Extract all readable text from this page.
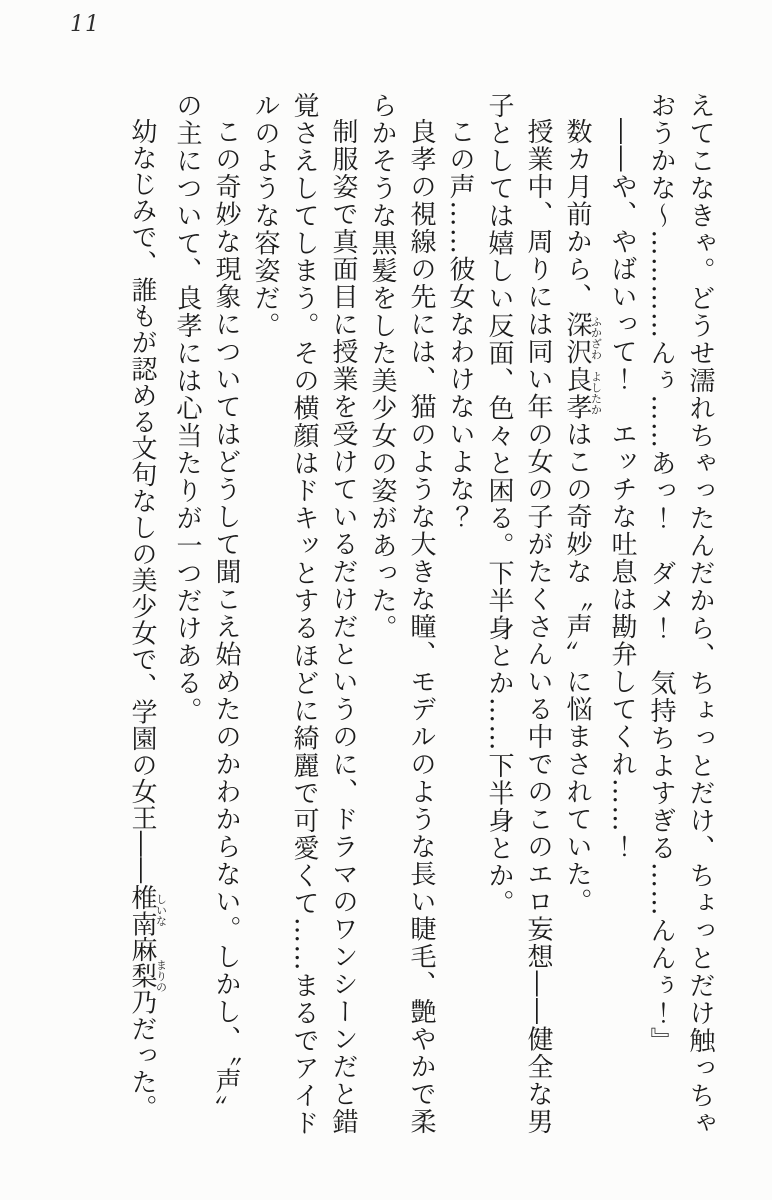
11

えてこなきゃ。どうせ濡れちゃったんだから、ちょっとだけ、ちょっとだけ触っちゃおうかな～…………んぅ……あっ！　ダメ！　気持ちよすぎる……んんぅ！』

――や、やばいって！　エッチな吐息は勘弁してくれ……！

数カ月前から、深沢ふかざわ良孝よしたかはこの奇妙な〝声〞に悩まされていた。

授業中、周りには同い年の女の子がたくさんいる中でのこのエロ妄想――健全な男子としては嬉しい反面、色々と困る。下半身とか……下半身とか。

この声……彼女なわけないよな？

良孝の視線の先には、猫のような大きな瞳、モデルのような長い睫毛、艶やかで柔らかそうな黒髪をした美少女の姿があった。

制服姿で真面目に授業を受けているだけだというのに、ドラマのワンシーンだと錯覚さえしてしまう。その横顔はドキッとするほどに綺麗で可愛くて……まるでアイドルのような容姿だ。

この奇妙な現象についてはどうして聞こえ始めたのかわからない。しかし、〝声〞の主について、良孝には心当たりが一つだけある。

幼なじみで、誰もが認める文句なしの美少女で、学園の女王――椎南しいな麻梨乃まりのだった。
